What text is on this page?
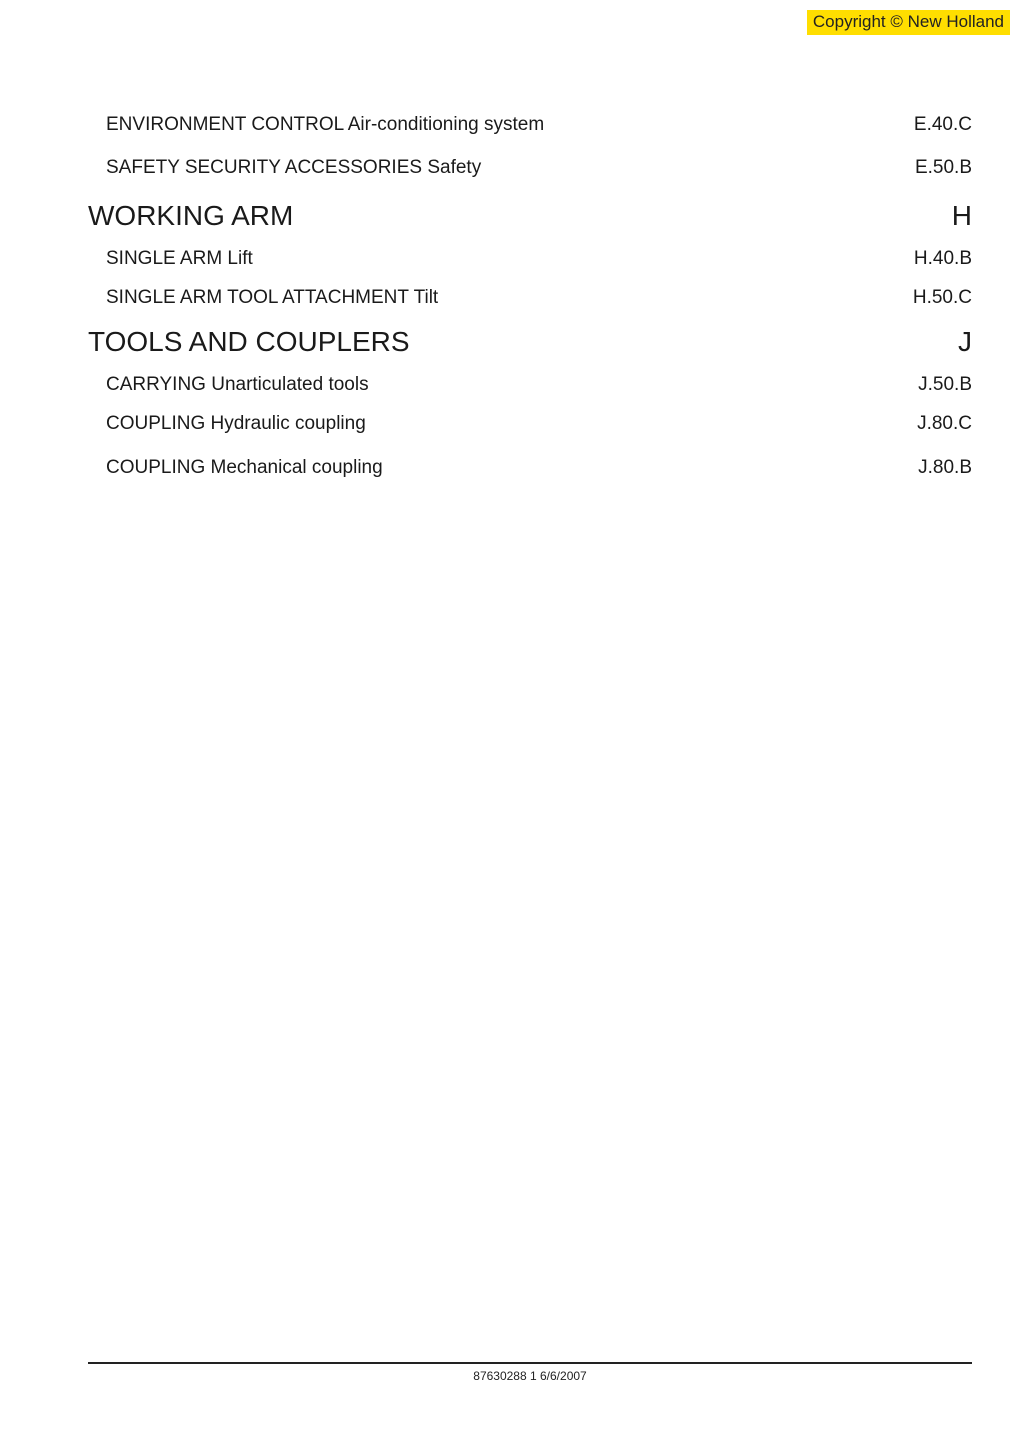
Copyright © New Holland
ENVIRONMENT CONTROL Air-conditioning system	E.40.C
SAFETY SECURITY ACCESSORIES Safety	E.50.B
WORKING ARM	H
SINGLE ARM Lift	H.40.B
SINGLE ARM TOOL ATTACHMENT Tilt	H.50.C
TOOLS AND COUPLERS	J
CARRYING Unarticulated tools	J.50.B
COUPLING Hydraulic coupling	J.80.C
COUPLING Mechanical coupling	J.80.B
87630288 1 6/6/2007
